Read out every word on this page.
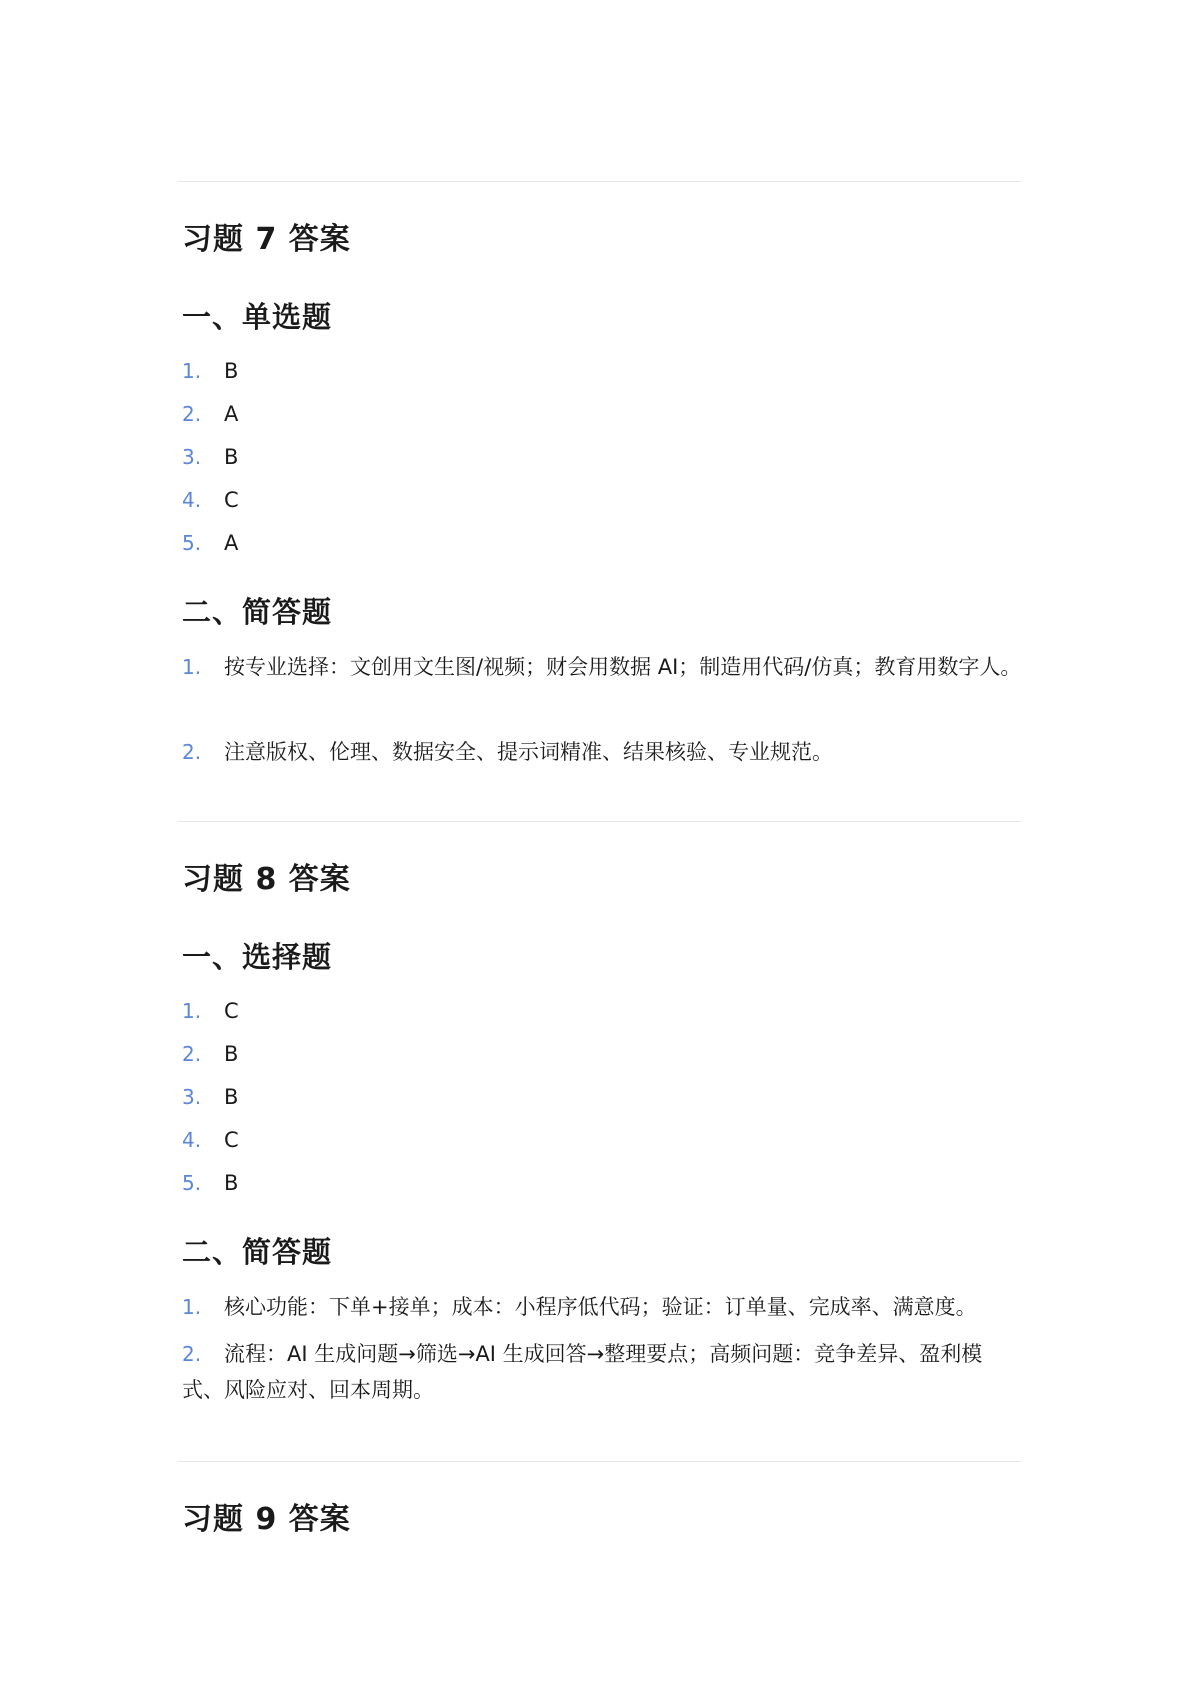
习题 7 答案
一、单选题
1. B
2. A
3. B
4. C
5. A
二、简答题
1. 按专业选择：文创用文生图/视频；财会用数据 AI；制造用代码/仿真；教育用数字人。
2. 注意版权、伦理、数据安全、提示词精准、结果核验、专业规范。
习题 8 答案
一、选择题
1. C
2. B
3. B
4. C
5. B
二、简答题
1. 核心功能：下单+接单；成本：小程序低代码；验证：订单量、完成率、满意度。
2. 流程：AI 生成问题→筛选→AI 生成回答→整理要点；高频问题：竞争差异、盈利模式、风险应对、回本周期。
习题 9 答案
